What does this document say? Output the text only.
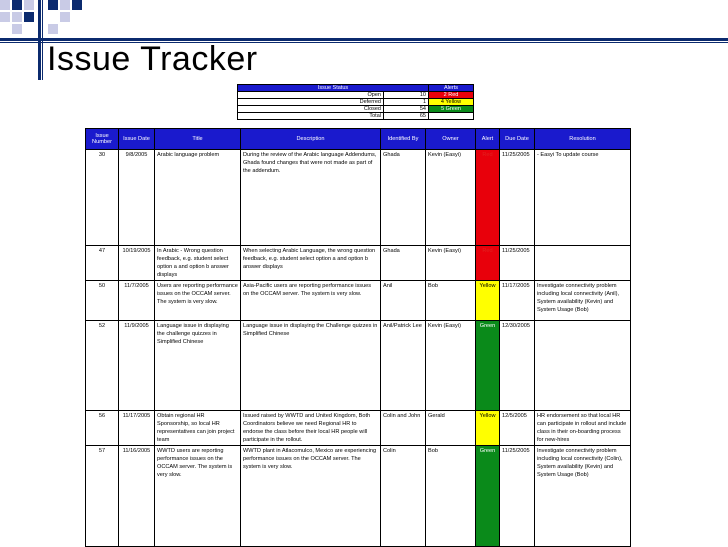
Issue Tracker
Issue Status		Alerts
Open	10	2 Red
Deferred	1	4 Yellow
Closed	54	5 Green
Total	65	
Issue Number	Issue Date	Title	Description	Identified By	Owner	Alert	Due Date	Resolution
30	9/8/2005	Arabic language problem	During the review of the Arabic language Addendums, Ghada found changes that were not made as part of the addendum.	Ghada	Kevin (Easyi)	Red	11/25/2005	- Easyi To update course
47	10/19/2005	In Arabic - Wrong question feedback, e.g. student select option a and option b answer displays	When selecting Arabic Language, the wrong question feedback, e.g. student select option a and option b answer displays	Ghada	Kevin (Easyi)	Red	11/25/2005	
50	11/7/2005	Users are reporting performance issues on the OCCAM server. The system is very slow.	Asia-Pacific users are reporting performance issues on the OCCAM server. The system is very slow.	Anil	Bob	Yellow	11/17/2005	Investigate connectivity problem including local connectivity (Anil), System availability (Kevin) and System Usage (Bob)
52	11/9/2005	Language issue in displaying the challenge quizzes in Simplified Chinese	Language issue in displaying the Challenge quizzes in Simplified Chinese	Anil/Patrick Lee	Kevin (Easyi)	Green	12/30/2005	
56	11/17/2005	Obtain regional HR Sponsorship, so local HR representatives can join project team	Issued raised by WWTD and United Kingdom, Both Coordinators believe we need Regional HR to endorse the class before their local HR people will participate in the rollout.	Colin and John	Gerald	Yellow	12/5/2005	HR endorsement so that local HR can participate in rollout and include class in their on-boarding process for new-hires
57	11/16/2005	WWTD users are reporting performance issues on the OCCAM server. The system is very slow.	WWTD plant in Atlacomulco, Mexico are experiencing performance issues on the OCCAM server. The system is very slow.	Colin	Bob	Green	11/25/2005	Investigate connectivity problem including local connectivity (Colin), System availability (Kevin) and System Usage (Bob)
